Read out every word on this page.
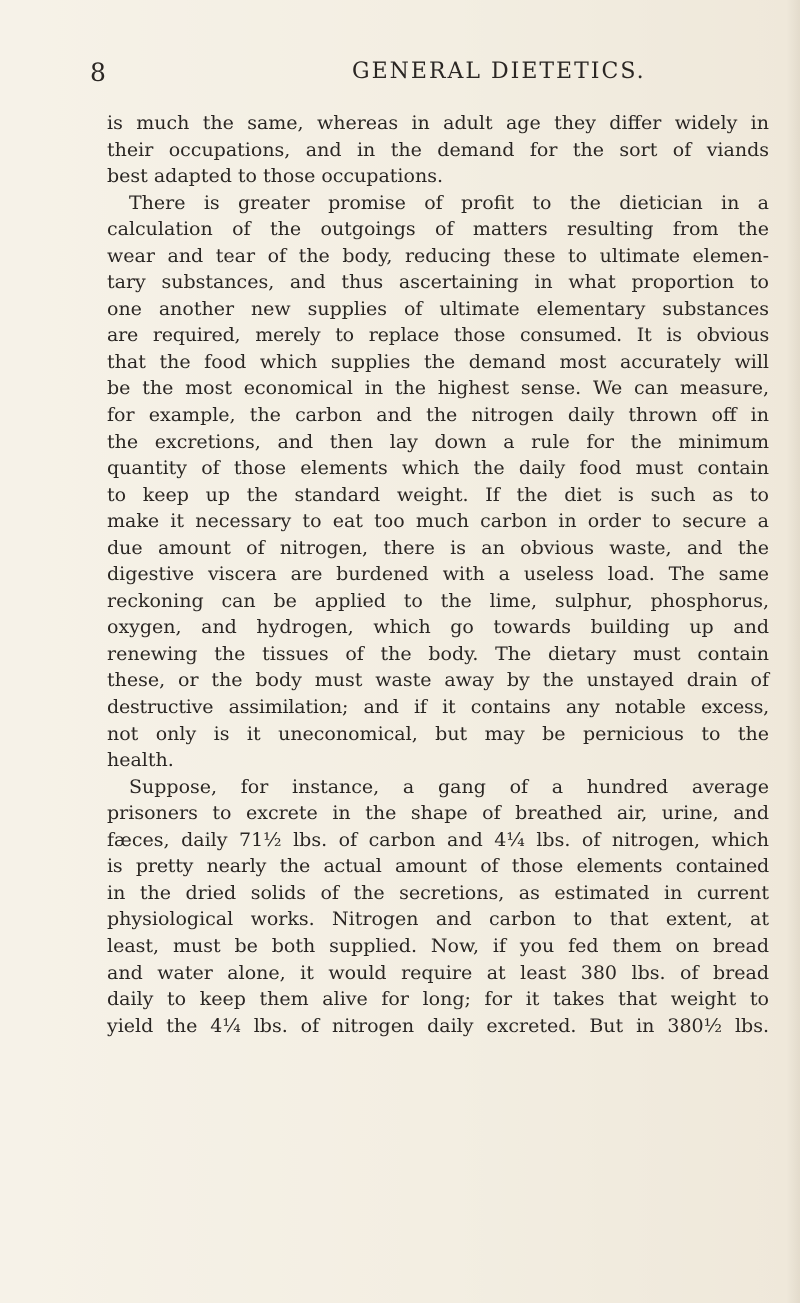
8	GENERAL DIETETICS.
is much the same, whereas in adult age they differ widely in
their occupations, and in the demand for the sort of viands
best adapted to those occupations.
There is greater promise of profit to the dietician in a
calculation of the outgoings of matters resulting from the
wear and tear of the body, reducing these to ultimate elemen-
tary substances, and thus ascertaining in what proportion to
one another new supplies of ultimate elementary substances
are required, merely to replace those consumed. It is obvious
that the food which supplies the demand most accurately will
be the most economical in the highest sense. We can measure,
for example, the carbon and the nitrogen daily thrown off in
the excretions, and then lay down a rule for the minimum
quantity of those elements which the daily food must contain
to keep up the standard weight. If the diet is such as to
make it necessary to eat too much carbon in order to secure a
due amount of nitrogen, there is an obvious waste, and the
digestive viscera are burdened with a useless load. The same
reckoning can be applied to the lime, sulphur, phosphorus,
oxygen, and hydrogen, which go towards building up and
renewing the tissues of the body. The dietary must contain
these, or the body must waste away by the unstayed drain of
destructive assimilation; and if it contains any notable excess,
not only is it uneconomical, but may be pernicious to the
health.
Suppose, for instance, a gang of a hundred average
prisoners to excrete in the shape of breathed air, urine, and
fæces, daily 71½ lbs. of carbon and 4¼ lbs. of nitrogen, which
is pretty nearly the actual amount of those elements contained
in the dried solids of the secretions, as estimated in current
physiological works. Nitrogen and carbon to that extent, at
least, must be both supplied. Now, if you fed them on bread
and water alone, it would require at least 380 lbs. of bread
daily to keep them alive for long; for it takes that weight to
yield the 4¼ lbs. of nitrogen daily excreted. But in 380½ lbs.
